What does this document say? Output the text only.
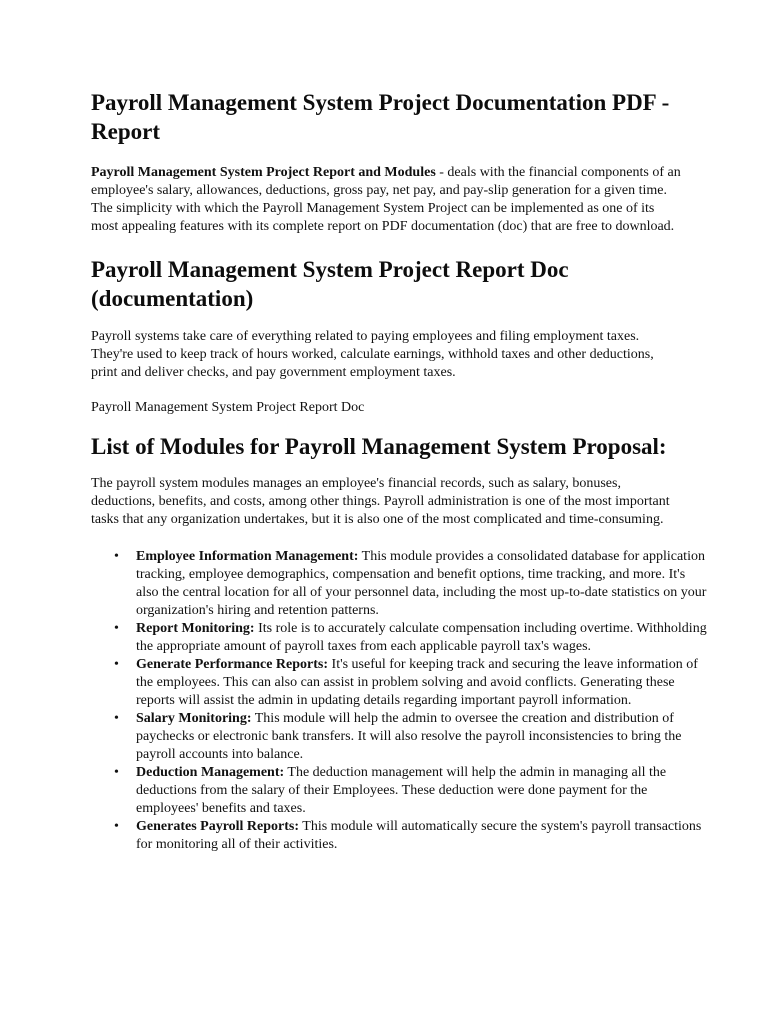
Payroll Management System Project Documentation PDF - Report

Payroll Management System Project Report and Modules - deals with the financial components of an employee's salary, allowances, deductions, gross pay, net pay, and pay-slip generation for a given time. The simplicity with which the Payroll Management System Project can be implemented as one of its most appealing features with its complete report on PDF documentation (doc) that are free to download.

Payroll Management System Project Report Doc (documentation)

Payroll systems take care of everything related to paying employees and filing employment taxes. They're used to keep track of hours worked, calculate earnings, withhold taxes and other deductions, print and deliver checks, and pay government employment taxes.

Payroll Management System Project Report Doc

List of Modules for Payroll Management System Proposal:

The payroll system modules manages an employee's financial records, such as salary, bonuses, deductions, benefits, and costs, among other things. Payroll administration is one of the most important tasks that any organization undertakes, but it is also one of the most complicated and time-consuming.

• Employee Information Management: This module provides a consolidated database for application tracking, employee demographics, compensation and benefit options, time tracking, and more. It's also the central location for all of your personnel data, including the most up-to-date statistics on your organization's hiring and retention patterns.
• Report Monitoring: Its role is to accurately calculate compensation including overtime. Withholding the appropriate amount of payroll taxes from each applicable payroll tax's wages.
• Generate Performance Reports: It's useful for keeping track and securing the leave information of the employees. This can also can assist in problem solving and avoid conflicts. Generating these reports will assist the admin in updating details regarding important payroll information.
• Salary Monitoring: This module will help the admin to oversee the creation and distribution of paychecks or electronic bank transfers. It will also resolve the payroll inconsistencies to bring the payroll accounts into balance.
• Deduction Management: The deduction management will help the admin in managing all the deductions from the salary of their Employees. These deduction were done payment for the employees' benefits and taxes.
• Generates Payroll Reports: This module will automatically secure the system's payroll transactions for monitoring all of their activities.
